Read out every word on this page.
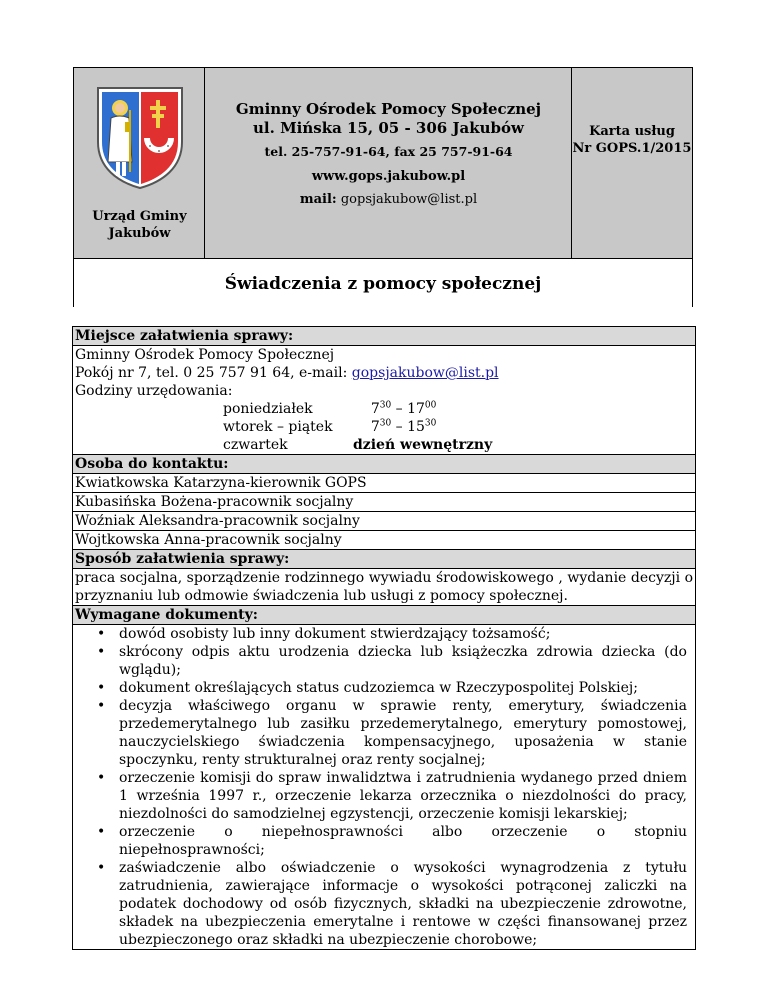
Urząd Gminy
Jakubów
Gminny Ośrodek Pomocy Społecznej
ul. Mińska 15, 05 - 306 Jakubów
tel. 25-757-91-64, fax 25 757-91-64
www.gops.jakubow.pl
mail: gopsjakubow@list.pl
Karta usług
Nr GOPS.1/2015
Świadczenia z pomocy społecznej
Miejsce załatwienia sprawy:
Gminny Ośrodek Pomocy Społecznej
Pokój nr 7, tel. 0 25 757 91 64, e-mail: gopsjakubow@list.pl
Godziny urzędowania:
poniedziałek	$7^{30} - 17^{00}$
wtorek – piątek	$7^{30} - 15^{30}$
czwartek	dzień wewnętrzny
Osoba do kontaktu:
Kwiatkowska Katarzyna-kierownik GOPS
Kubasińska Bożena-pracownik socjalny
Woźniak Aleksandra-pracownik socjalny
Wojtkowska Anna-pracownik socjalny
Sposób załatwienia sprawy:
praca socjalna, sporządzenie rodzinnego wywiadu środowiskowego , wydanie decyzji o przyznaniu lub odmowie świadczenia lub usługi z pomocy społecznej.
Wymagane dokumenty:
• dowód osobisty lub inny dokument stwierdzający tożsamość;
• skrócony odpis aktu urodzenia dziecka lub książeczka zdrowia dziecka (do wglądu);
• dokument określających status cudzoziemca w Rzeczypospolitej Polskiej;
• decyzja właściwego organu w sprawie renty, emerytury, świadczenia przedemerytalnego lub zasiłku przedemerytalnego, emerytury pomostowej, nauczycielskiego świadczenia kompensacyjnego, uposażenia w stanie spoczynku, renty strukturalnej oraz renty socjalnej;
• orzeczenie komisji do spraw inwalidztwa i zatrudnienia wydanego przed dniem 1 września 1997 r., orzeczenie lekarza orzecznika o niezdolności do pracy, niezdolności do samodzielnej egzystencji, orzeczenie komisji lekarskiej;
• orzeczenie o niepełnosprawności albo orzeczenie o stopniu niepełnosprawności;
• zaświadczenie albo oświadczenie o wysokości wynagrodzenia z tytułu zatrudnienia, zawierające informacje o wysokości potrąconej zaliczki na podatek dochodowy od osób fizycznych, składki na ubezpieczenie zdrowotne, składek na ubezpieczenia emerytalne i rentowe w części finansowanej przez ubezpieczonego oraz składki na ubezpieczenie chorobowe;
